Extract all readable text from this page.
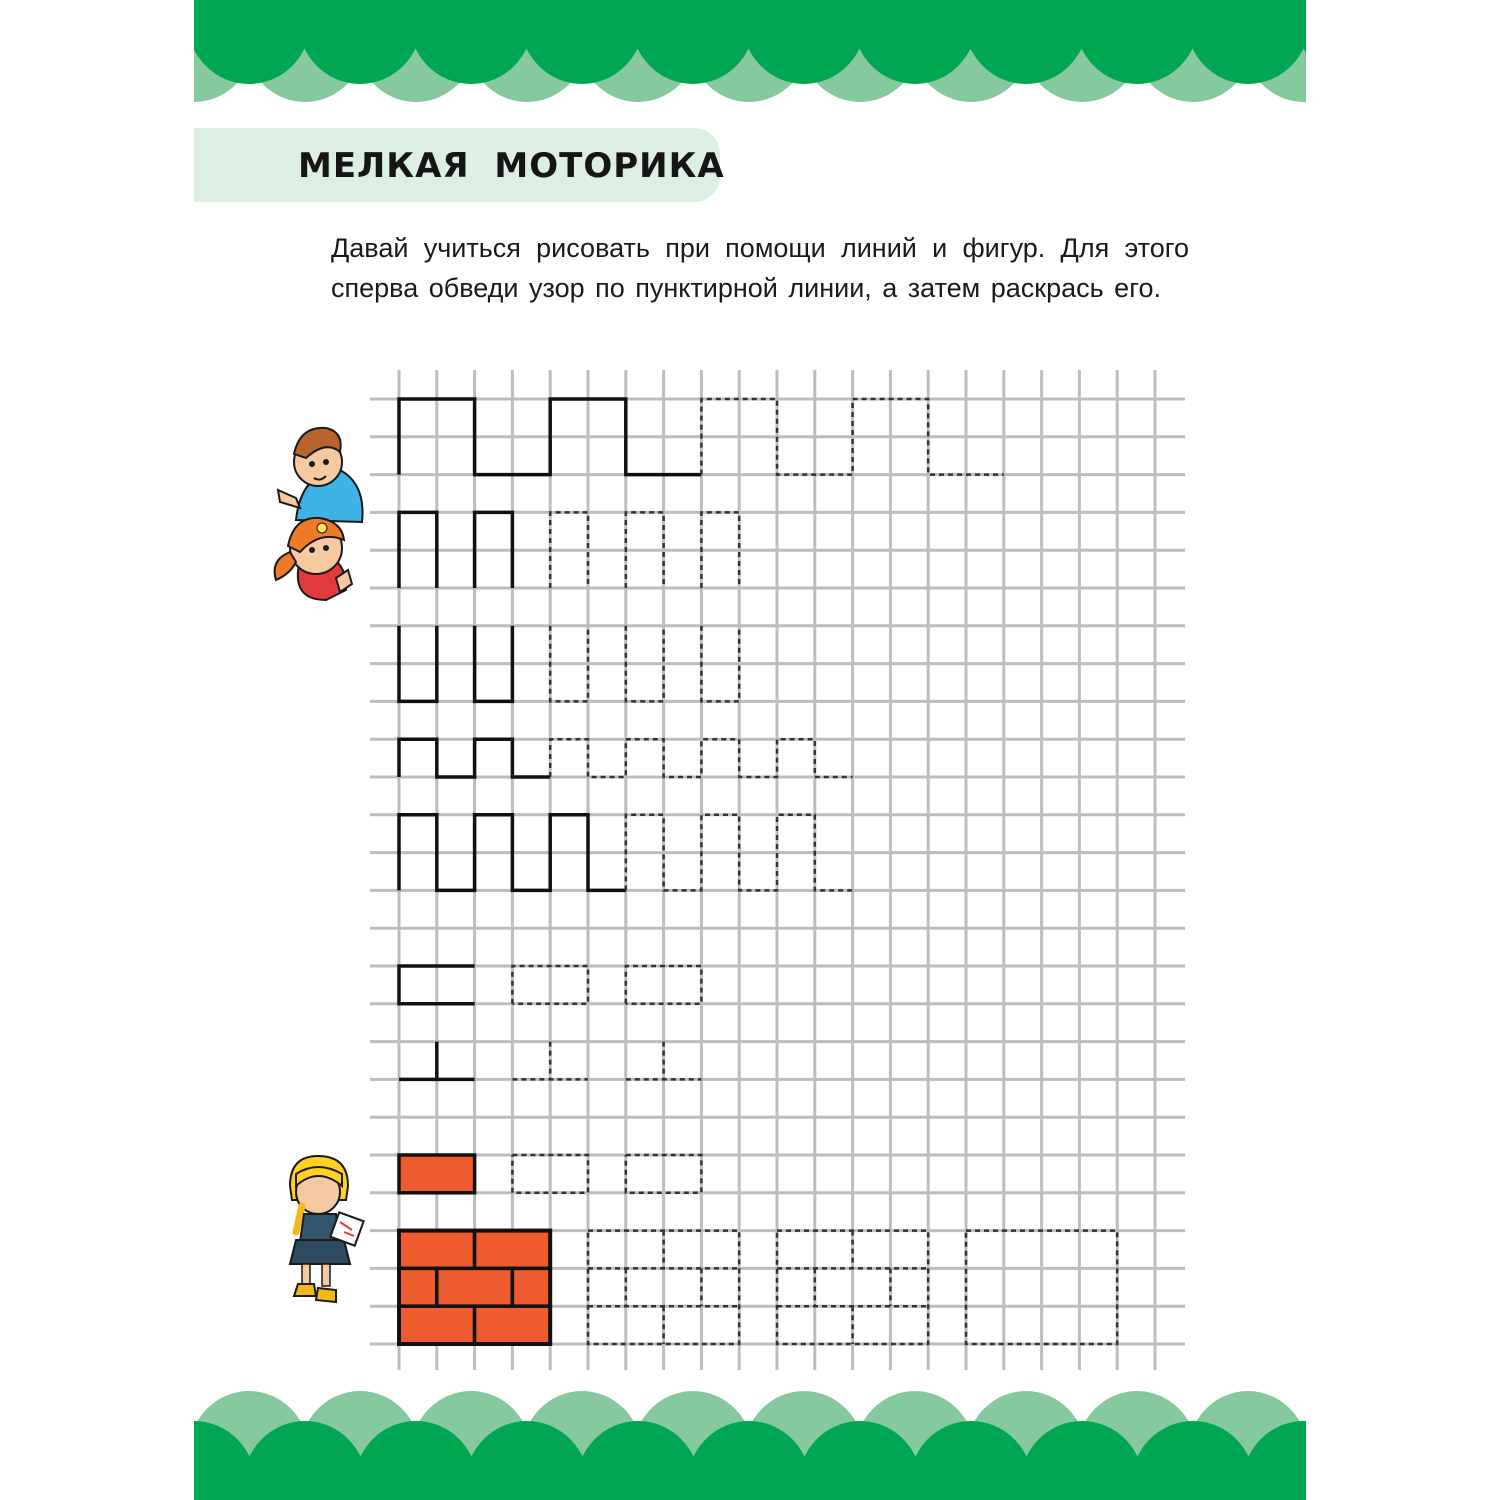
МЕЛКАЯ МОТОРИКА
Давай учиться рисовать при помощи линий и фигур. Для этого сперва обведи узор по пунктирной линии, а затем раскрась его.
